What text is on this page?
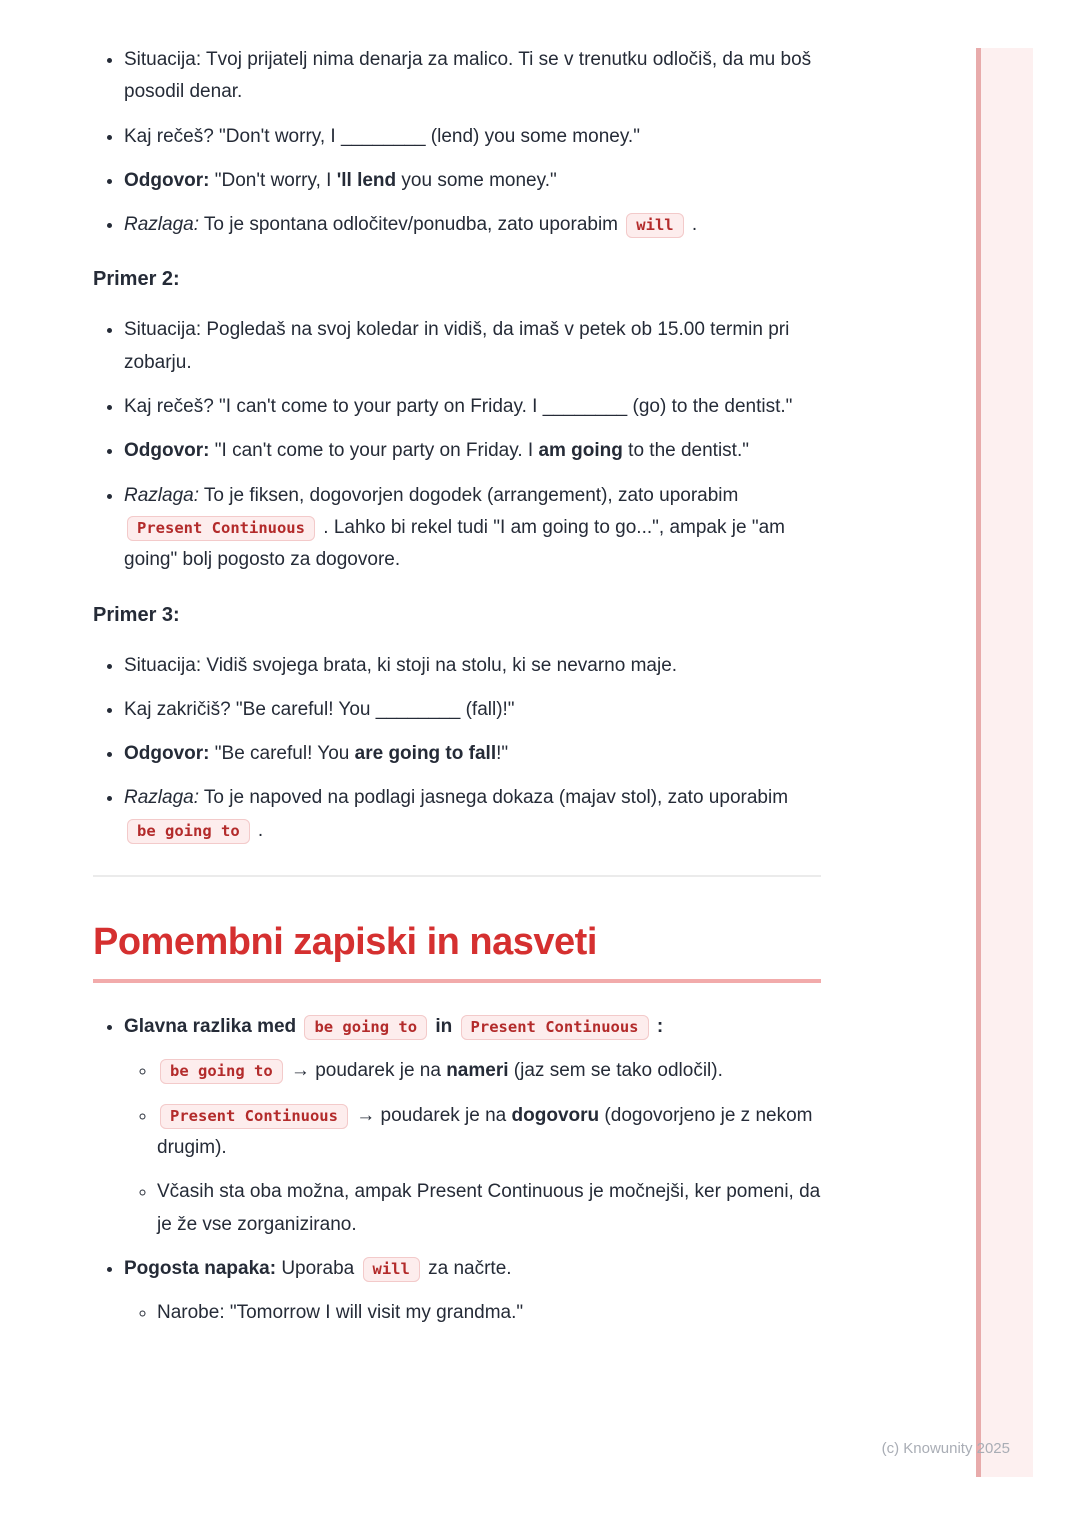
• Situacija: Tvoj prijatelj nima denarja za malico. Ti se v trenutku odločiš, da mu boš posodil denar.
• Kaj rečeš? "Don't worry, I ________ (lend) you some money."
• Odgovor: "Don't worry, I 'll lend you some money."
• Razlaga: To je spontana odločitev/ponudba, zato uporabim will .
Primer 2:
• Situacija: Pogledaš na svoj koledar in vidiš, da imaš v petek ob 15.00 termin pri zobarju.
• Kaj rečeš? "I can't come to your party on Friday. I ________ (go) to the dentist."
• Odgovor: "I can't come to your party on Friday. I am going to the dentist."
• Razlaga: To je fiksen, dogovorjen dogodek (arrangement), zato uporabim Present Continuous . Lahko bi rekel tudi "I am going to go...", ampak je "am going" bolj pogosto za dogovore.
Primer 3:
• Situacija: Vidiš svojega brata, ki stoji na stolu, ki se nevarno maje.
• Kaj zakričiš? "Be careful! You ________ (fall)!"
• Odgovor: "Be careful! You are going to fall!"
• Razlaga: To je napoved na podlagi jasnega dokaza (majav stol), zato uporabim be going to .
Pomembni zapiski in nasveti
• Glavna razlika med be going to in Present Continuous :
◦ be going to → poudarek je na nameri (jaz sem se tako odločil).
◦ Present Continuous → poudarek je na dogovoru (dogovorjeno je z nekom drugim).
◦ Včasih sta oba možna, ampak Present Continuous je močnejši, ker pomeni, da je že vse zorganizirano.
• Pogosta napaka: Uporaba will za načrte.
◦ Narobe: "Tomorrow I will visit my grandma."
(c) Knowunity 2025
